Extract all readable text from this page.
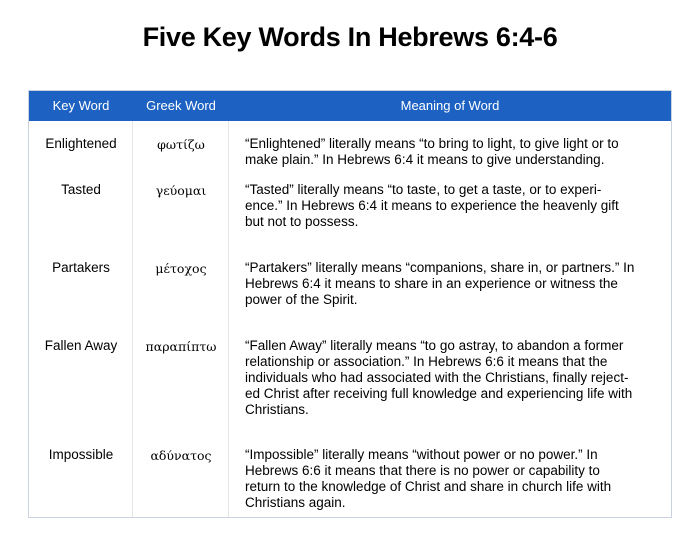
Five Key Words In Hebrews 6:4-6
Key Word	Greek Word	Meaning of Word
Enlightened	φωτίζω	“Enlightened” literally means “to bring to light, to give light or to
make plain.” In Hebrews 6:4 it means to give understanding.
Tasted	γεύομαι	“Tasted” literally means “to taste, to get a taste, or to experi-
ence.” In Hebrews 6:4 it means to experience the heavenly gift
but not to possess.
Partakers	μέτοχος	“Partakers” literally means “companions, share in, or partners.” In
Hebrews 6:4 it means to share in an experience or witness the
power of the Spirit.
Fallen Away	παραπίπτω	“Fallen Away” literally means “to go astray, to abandon a former
relationship or association.” In Hebrews 6:6 it means that the
individuals who had associated with the Christians, finally reject-
ed Christ after receiving full knowledge and experiencing life with
Christians.
Impossible	αδύνατος	“Impossible” literally means “without power or no power.” In
Hebrews 6:6 it means that there is no power or capability to
return to the knowledge of Christ and share in church life with
Christians again.
